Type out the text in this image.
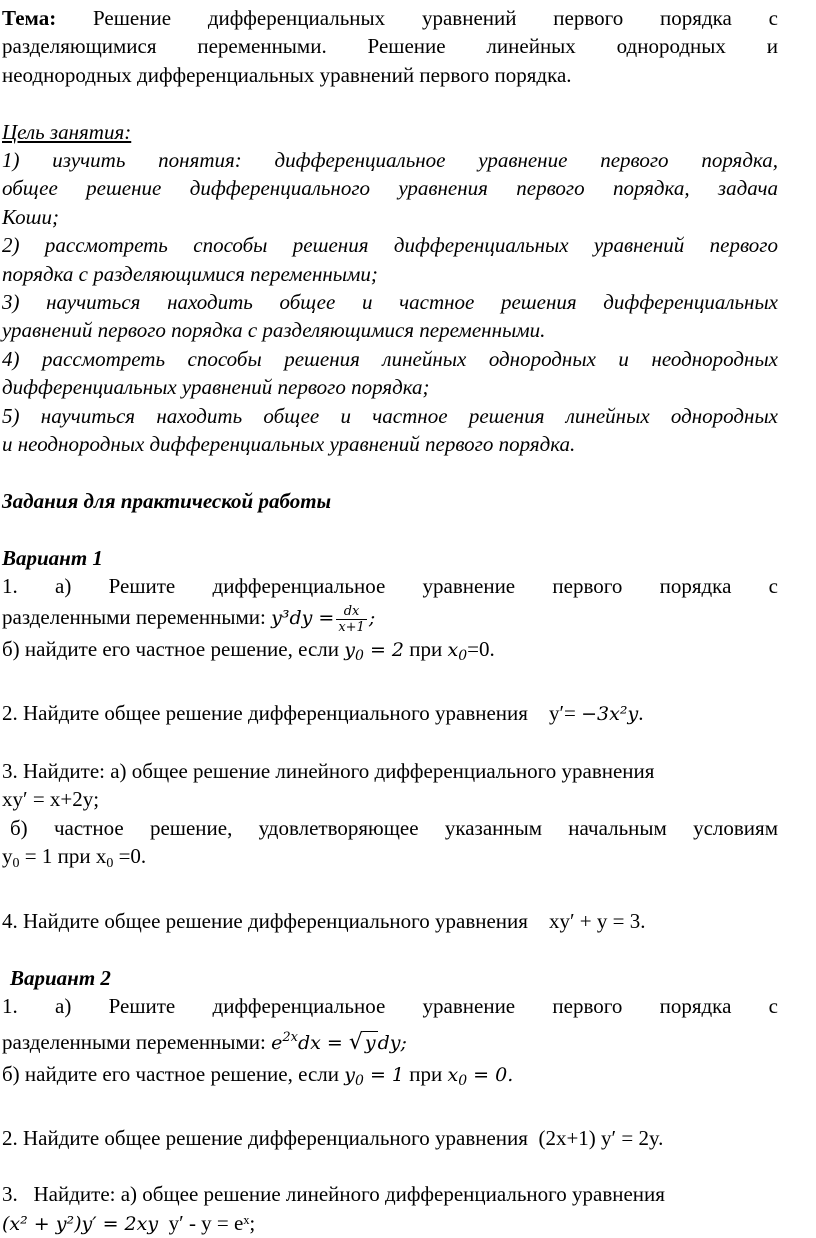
Тема: Решение дифференциальных уравнений первого порядка с

разделяющимися переменными. Решение линейных однородных и

неоднородных дифференциальных уравнений первого порядка.

Цель занятия:

1) изучить понятия: дифференциальное уравнение первого порядка,

общее решение дифференциального уравнения первого порядка, задача

Коши;

2) рассмотреть способы решения дифференциальных уравнений первого

порядка с разделяющимися переменными;

3) научиться находить общее и частное решения дифференциальных

уравнений первого порядка с разделяющимися переменными.

4) рассмотреть способы решения линейных однородных и неоднородных

дифференциальных уравнений первого порядка;

5) научиться находить общее и частное решения линейных однородных

и неоднородных дифференциальных уравнений первого порядка.

Задания для практической работы

Вариант 1

1. а) Решите дифференциальное уравнение первого порядка с

разделенными переменными: $y^3dy = \frac{dx}{x+1}$ ;

б) найдите его частное решение, если $y_0 = 2$ при $x_0=0$.

2. Найдите общее решение дифференциального уравнения y′= −3x²y.

3. Найдите: а) общее решение линейного дифференциального уравнения

xy′ = x+2y;

б) частное решение, удовлетворяющее указанным начальным условиям

$y_0 = 1$ при $x_0 =0$.

4. Найдите общее решение дифференциального уравнения xy′ + y = 3.

Вариант 2

1. а) Решите дифференциальное уравнение первого порядка с

разделенными переменными: $e^{2x}dx$ = √ y dy;

б) найдите его частное решение, если $y_0 = 1$ при $x_0 = 0$.

2. Найдите общее решение дифференциального уравнения (2x+1) y′ = 2y.

3.   Найдите: а) общее решение линейного дифференциального уравнения

(x² + y²)y′ = 2xy y′ - y = eˣ;
